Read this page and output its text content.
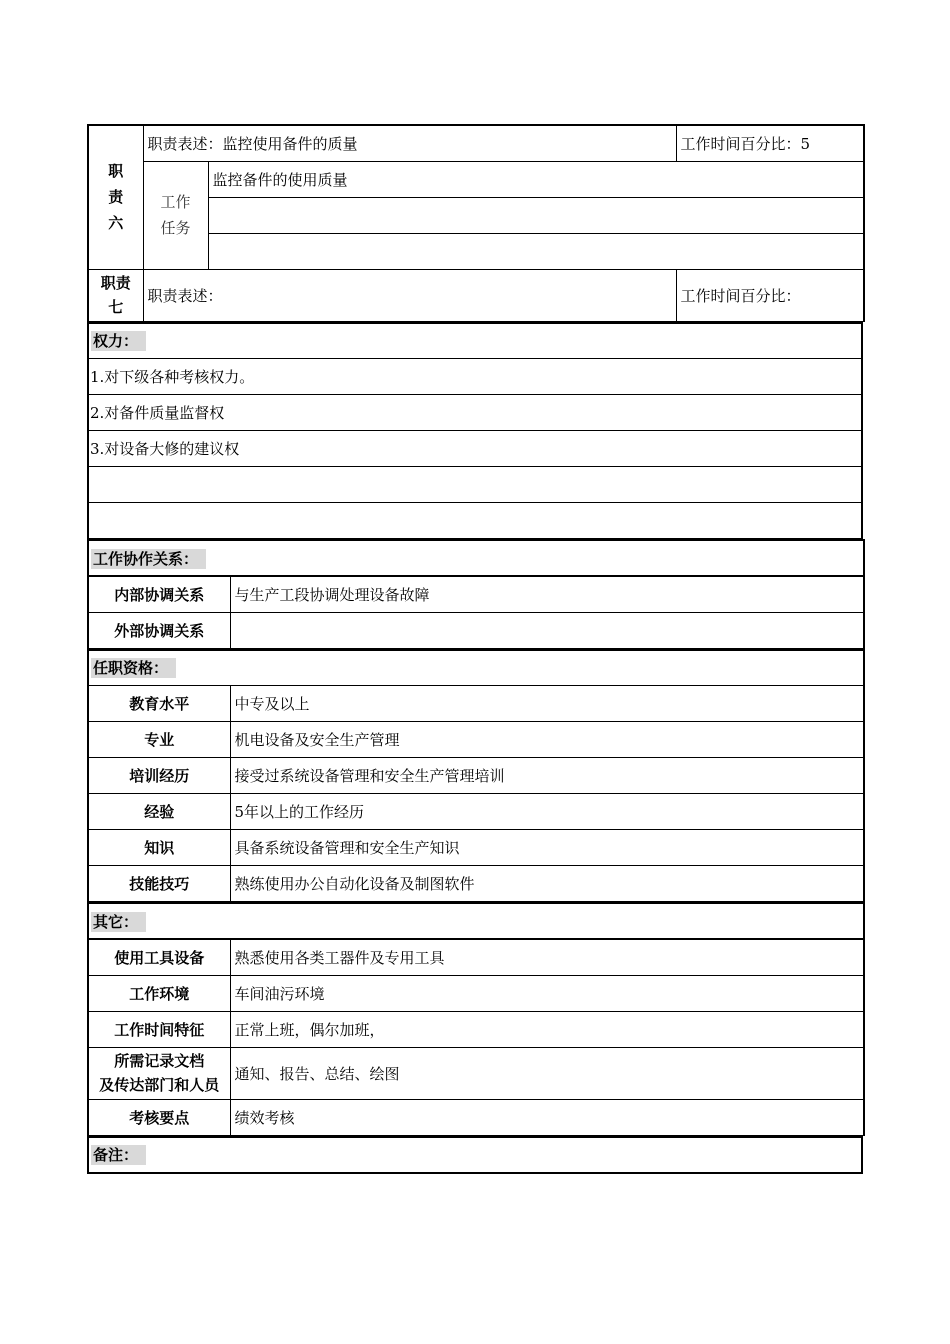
职
责
六	职责表述：监控使用备件的质量		工作时间百分比：5
	工作
任务	监控备件的使用质量	

职责
七	职责表述：		工作时间百分比：
权力：
1.对下级各种考核权力。
2.对备件质量监督权
3.对设备大修的建议权

工作协作关系：	
内部协调关系	与生产工段协调处理设备故障
外部协调关系	
任职资格：	
教育水平	中专及以上
专业	机电设备及安全生产管理
培训经历	接受过系统设备管理和安全生产管理培训
经验	5年以上的工作经历
知识	具备系统设备管理和安全生产知识
技能技巧	熟练使用办公自动化设备及制图软件
其它：	
使用工具设备	熟悉使用各类工器件及专用工具
工作环境	车间油污环境
工作时间特征	正常上班，偶尔加班，
所需记录文档
及传达部门和人员	通知、报告、总结、绘图
考核要点	绩效考核
备注：
